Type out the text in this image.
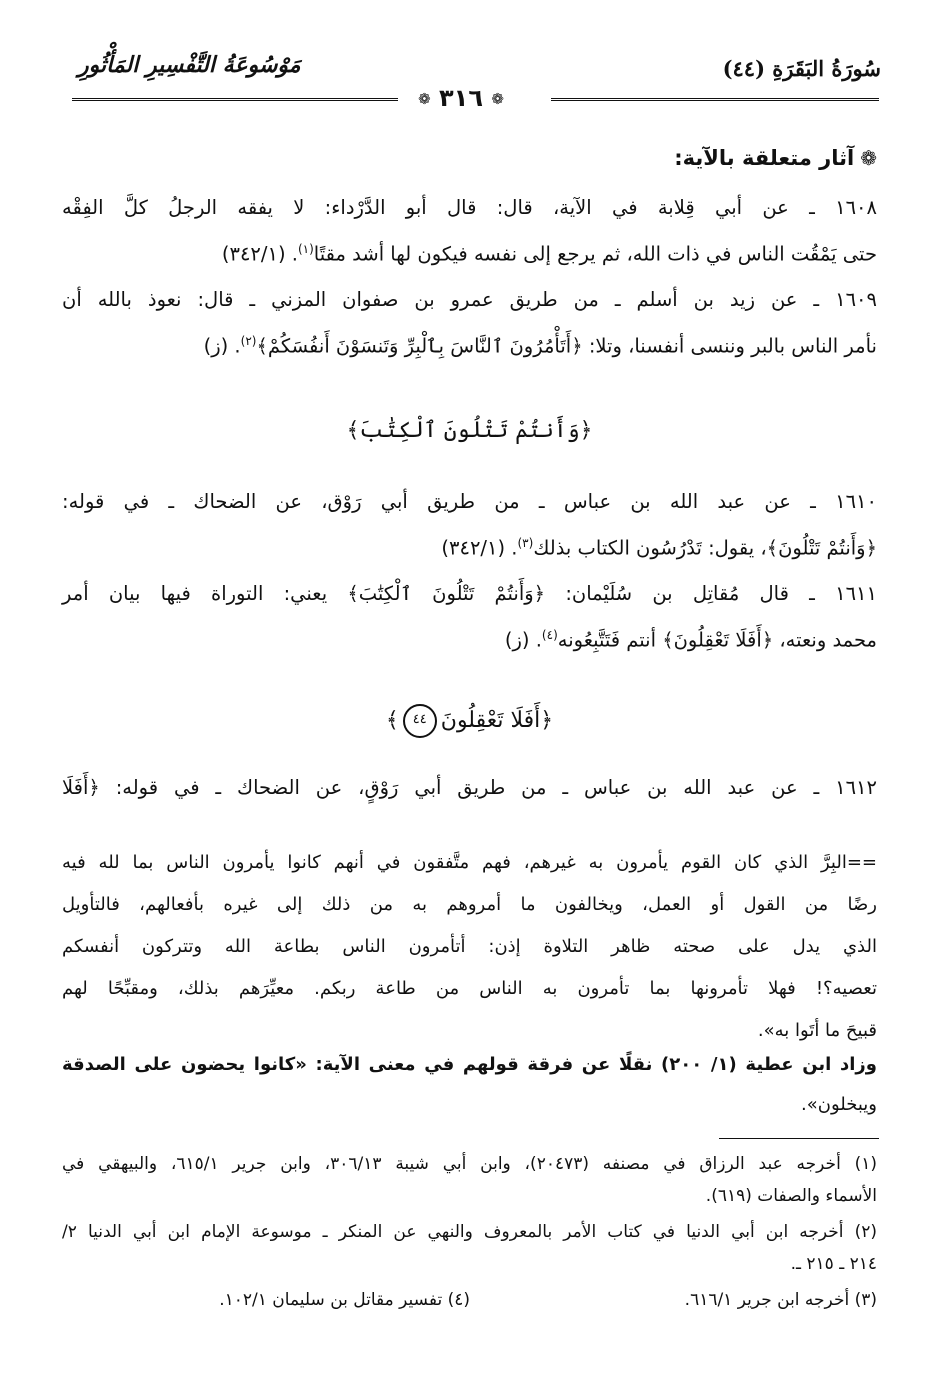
سُورَةُ البَقَرَةِ (٤٤)
مَوْسُوعَةُ التَّفْسِيرِ المَأْثُورِ
❁ ٣١٦ ❁
❁آثار متعلقة بالآية:
١٦٠٨ ـ عن أبي قِلابة في الآية، قال: قال أبو الدَّرْداء: لا يفقه الرجلُ كلَّ الفِقْه
حتى يَمْقُت الناس في ذات الله، ثم يرجع إلى نفسه فيكون لها أشد مقتًا$^{(١)}$. (٣٤٢/١)
١٦٠٩ ـ عن زيد بن أسلم ـ من طريق عمرو بن صفوان المزني ـ قال: نعوذ بالله أن
نأمر الناس بالبر وننسى أنفسنا، وتلا: ﴿أَتَأْمُرُونَ ٱلنَّاسَ بِٱلْبِرِّ وَتَنسَوْنَ أَنفُسَكُمْ﴾$^{(٢)}$. (ز)
﴿وَأَنتُمْ تَتْلُونَ ٱلْكِتَٰبَ﴾
١٦١٠ ـ عن عبد الله بن عباس ـ من طريق أبي رَوْق، عن الضحاك ـ في قوله:
﴿وَأَنتُمْ تَتْلُونَ﴾، يقول: تَدْرُسُون الكتاب بذلك$^{(٣)}$. (٣٤٢/١)
١٦١١ ـ قال مُقاتِل بن سُلَيْمان: ﴿وَأَنتُمْ تَتْلُونَ ٱلْكِتَٰبَ﴾ يعني: التوراة فيها بيان أمر
محمد ونعته، ﴿أَفَلَا تَعْقِلُونَ﴾ أنتم فَتَتَّبِعُونه$^{(٤)}$. (ز)
﴿أَفَلَا تَعْقِلُونَ٤٤﴾
١٦١٢ ـ عن عبد الله بن عباس ـ من طريق أبي رَوْقٍ، عن الضحاك ـ في قوله: ﴿أَفَلَا
==البِرَّ الذي كان القوم يأمرون به غيرهم، فهم متَّفقون في أنهم كانوا يأمرون الناس بما لله فيه
رضًا من القول أو العمل، ويخالفون ما أمروهم به من ذلك إلى غيره بأفعالهم، فالتأويل
الذي يدل على صحته ظاهر التلاوة إذن: أتأمرون الناس بطاعة الله وتتركون أنفسكم
تعصيه؟! فهلا تأمرونها بما تأمرون به الناس من طاعة ربكم. معيِّرَهم بذلك، ومقبِّحًا لهم
قبيحَ ما أتَوا به».
وزاد ابن عطية (١/ ٢٠٠) نقلًا عن فرقة قولهم في معنى الآية: «كانوا يحضون على الصدقة
ويبخلون».
(١) أخرجه عبد الرزاق في مصنفه (٢٠٤٧٣)، وابن أبي شيبة ٣٠٦/١٣، وابن جرير ٦١٥/١، والبيهقي في
الأسماء والصفات (٦١٩).
(٢) أخرجه ابن أبي الدنيا في كتاب الأمر بالمعروف والنهي عن المنكر ـ موسوعة الإمام ابن أبي الدنيا ٢/
٢١٤ ـ ٢١٥ ـ.
(٣) أخرجه ابن جرير ٦١٦/١.
(٤) تفسير مقاتل بن سليمان ١٠٢/١.
